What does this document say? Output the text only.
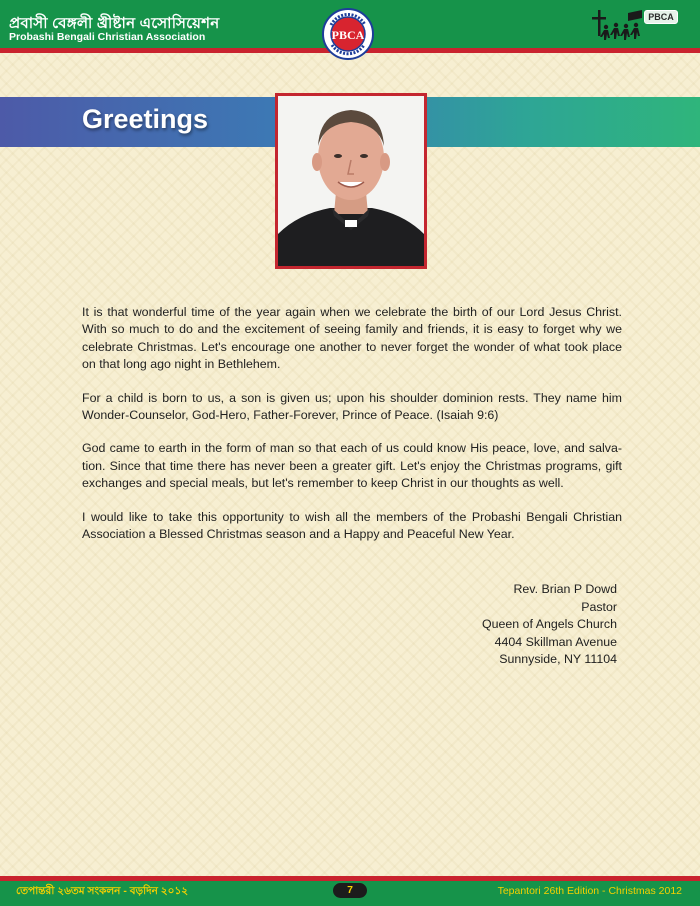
প্রবাসী বেঙ্গলী খ্রীষ্টান এসোসিয়েশন
Probashi Bengali Christian Association	PBCA
PBCA
Greetings

It is that wonderful time of the year again when we celebrate the birth of our Lord Jesus Christ. With so much to do and the excitement of seeing family and friends, it is easy to forget why we celebrate Christmas. Let's encourage one another to never forget the wonder of what took place on that long ago night in Bethlehem.

For a child is born to us, a son is given us; upon his shoulder dominion rests. They name him Wonder-Counselor, God-Hero, Father-Forever, Prince of Peace. (Isaiah 9:6)

God came to earth in the form of man so that each of us could know His peace, love, and salva-tion. Since that time there has never been a greater gift. Let's enjoy the Christmas programs, gift exchanges and special meals, but let's remember to keep Christ in our thoughts as well.

I would like to take this opportunity to wish all the members of the Probashi Bengali Christian Association a Blessed Christmas season and a Happy and Peaceful New Year.

Rev. Brian P Dowd
Pastor
Queen of Angels Church
4404 Skillman Avenue
Sunnyside, NY 11104
তেপান্তরী ২৬তম সংকলন - বড়দিন ২০১২	7	Tepantori 26th Edition - Christmas 2012
